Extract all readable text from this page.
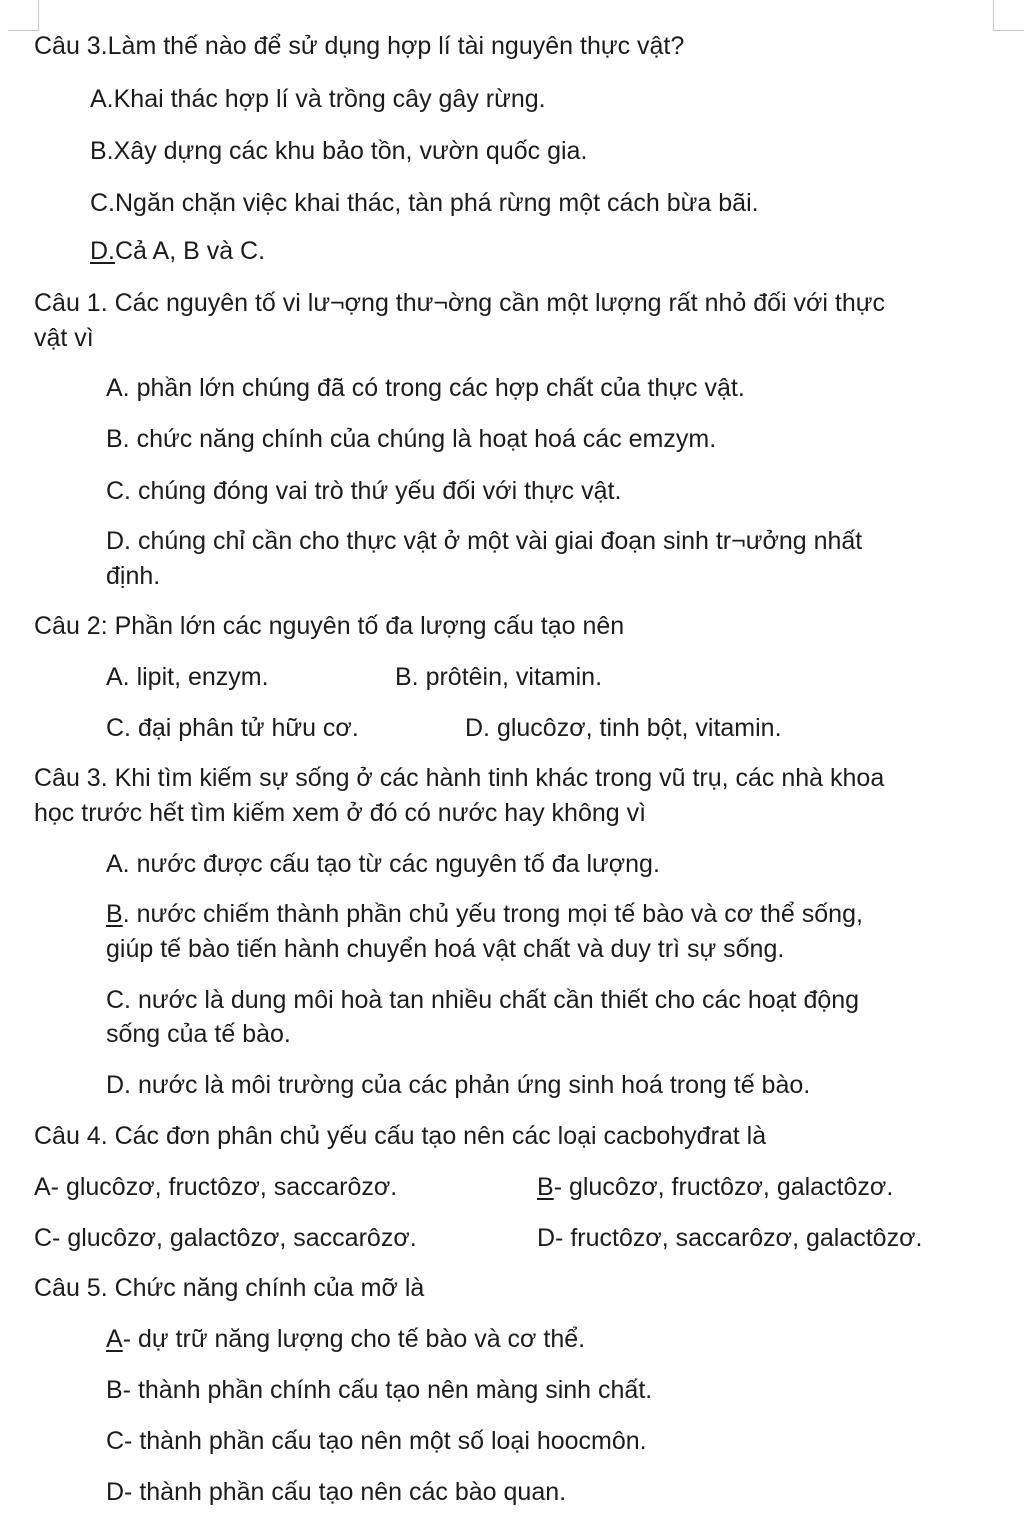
Câu 3.Làm thế nào để sử dụng hợp lí tài nguyên thực vật?

A.Khai thác hợp lí và trồng cây gây rừng.

B.Xây dựng các khu bảo tồn, vườn quốc gia.

C.Ngăn chặn việc khai thác, tàn phá rừng một cách bừa bãi.

D.Cả A, B và C.

Câu 1. Các nguyên tố vi lư¬ợng thư¬ờng cần một lượng rất nhỏ đối với thực

vật vì

A. phần lớn chúng đã có trong các hợp chất của thực vật.

B. chức năng chính của chúng là hoạt hoá các emzym.

C. chúng đóng vai trò thứ yếu đối với thực vật.

D. chúng chỉ cần cho thực vật ở một vài giai đoạn sinh tr¬ưởng nhất

định.

Câu 2: Phần lớn các nguyên tố đa lượng cấu tạo nên

A. lipit, enzym.	B. prôtêin, vitamin.

C. đại phân tử hữu cơ.	D. glucôzơ, tinh bột, vitamin.

Câu 3. Khi tìm kiếm sự sống ở các hành tinh khác trong vũ trụ, các nhà khoa

học trước hết tìm kiếm xem ở đó có nước hay không vì

A. nước được cấu tạo từ các nguyên tố đa lượng.

B. nước chiếm thành phần chủ yếu trong mọi tế bào và cơ thể sống,

giúp tế bào tiến hành chuyển hoá vật chất và duy trì sự sống.

C. nước là dung môi hoà tan nhiều chất cần thiết cho các hoạt động

sống của tế bào.

D. nước là môi trường của các phản ứng sinh hoá trong tế bào.

Câu 4. Các đơn phân chủ yếu cấu tạo nên các loại cacbohyđrat là

A- glucôzơ, fructôzơ, saccarôzơ.	B- glucôzơ, fructôzơ, galactôzơ.

C- glucôzơ, galactôzơ, saccarôzơ.	D- fructôzơ, saccarôzơ, galactôzơ.

Câu 5. Chức năng chính của mỡ là

A- dự trữ năng lượng cho tế bào và cơ thể.

B- thành phần chính cấu tạo nên màng sinh chất.

C- thành phần cấu tạo nên một số loại hoocmôn.

D- thành phần cấu tạo nên các bào quan.
